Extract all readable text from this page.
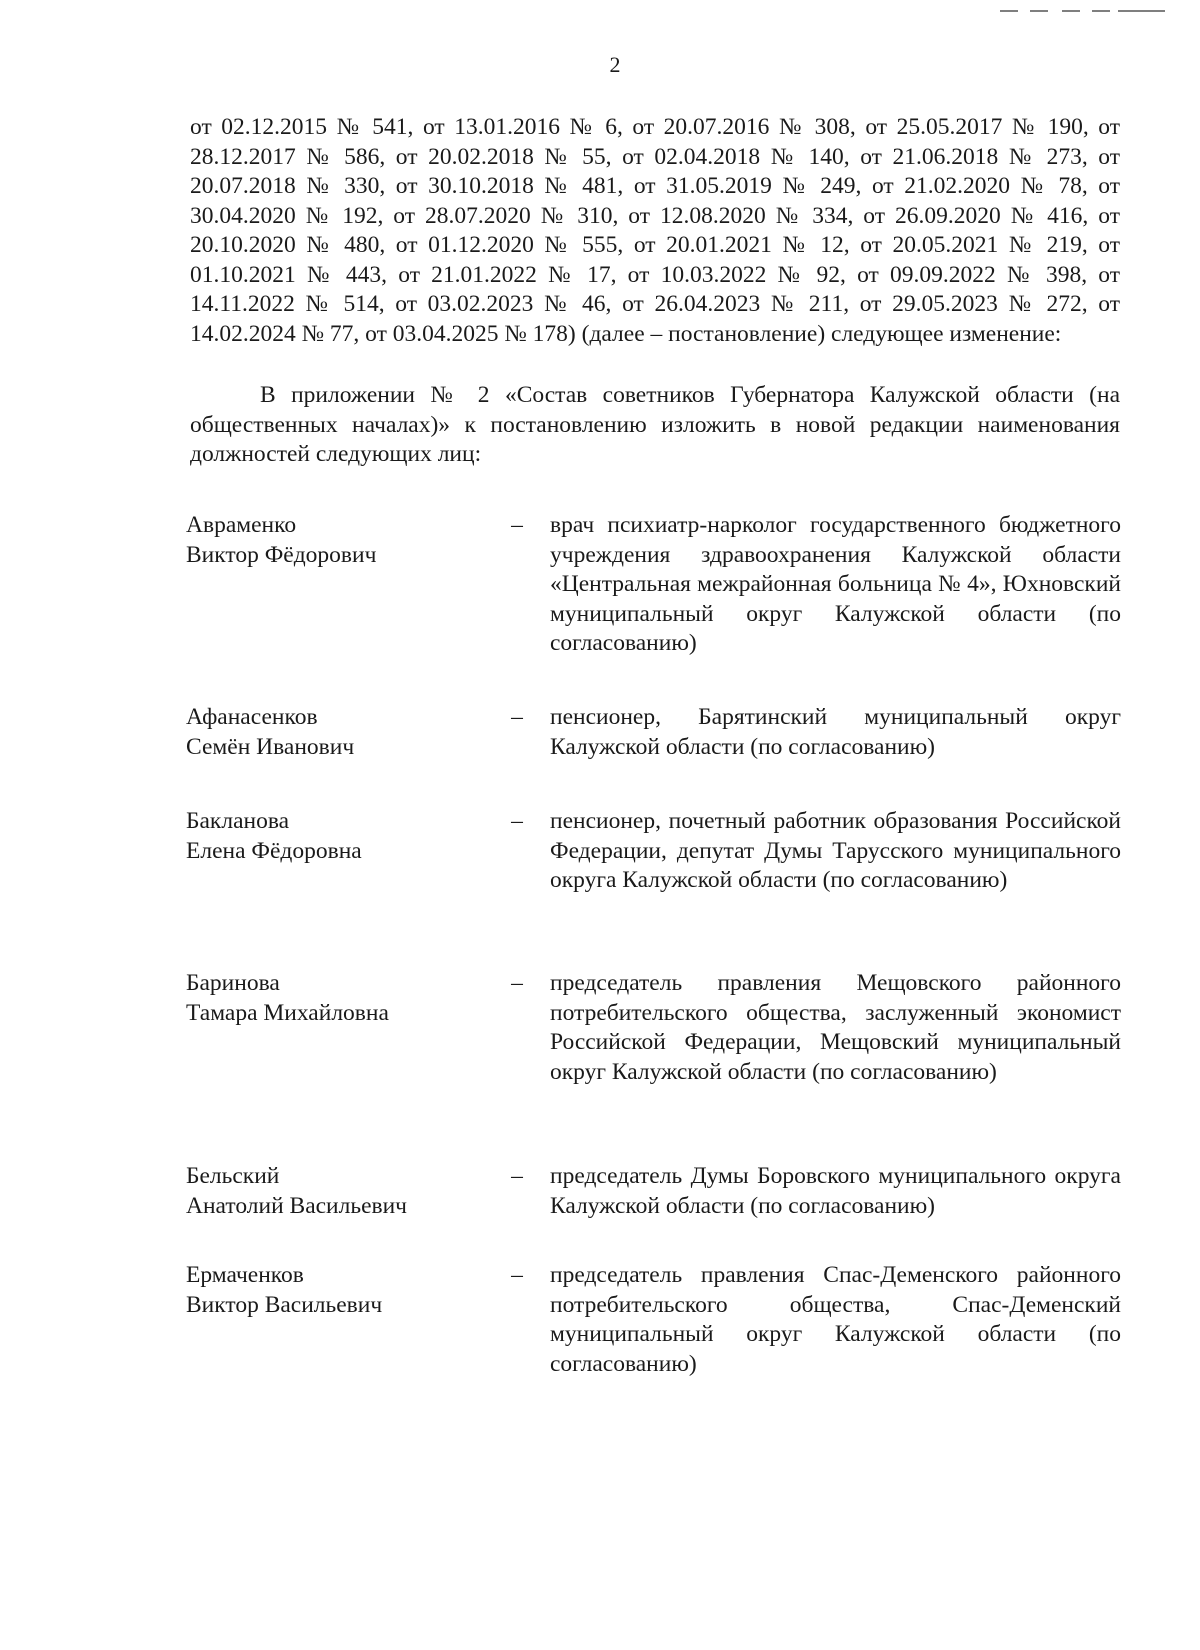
2
от 02.12.2015 № 541, от 13.01.2016 № 6, от 20.07.2016 № 308, от 25.05.2017 № 190, от 28.12.2017 № 586, от 20.02.2018 № 55, от 02.04.2018 № 140, от 21.06.2018 № 273, от 20.07.2018 № 330, от 30.10.2018 № 481, от 31.05.2019 № 249, от 21.02.2020 № 78, от 30.04.2020 № 192, от 28.07.2020 № 310, от 12.08.2020 № 334, от 26.09.2020 № 416, от 20.10.2020 № 480, от 01.12.2020 № 555, от 20.01.2021 № 12, от 20.05.2021 № 219, от 01.10.2021 № 443, от 21.01.2022 № 17, от 10.03.2022 № 92, от 09.09.2022 № 398, от 14.11.2022 № 514, от 03.02.2023 № 46, от 26.04.2023 № 211, от 29.05.2023 № 272, от 14.02.2024 № 77, от 03.04.2025 № 178) (далее – постановление) следующее изменение:
В приложении № 2 «Состав советников Губернатора Калужской области (на общественных началах)» к постановлению изложить в новой редакции наименования должностей следующих лиц:
Авраменко
Виктор Фёдорович
– врач психиатр-нарколог государственного бюджетного учреждения здравоохранения Калужской области «Центральная межрайонная больница № 4», Юхновский муниципальный округ Калужской области (по согласованию)
Афанасенков
Семён Иванович
– пенсионер, Барятинский муниципальный округ Калужской области (по согласованию)
Бакланова
Елена Фёдоровна
– пенсионер, почетный работник образования Российской Федерации, депутат Думы Тарусского муниципального округа Калужской области (по согласованию)
Баринова
Тамара Михайловна
– председатель правления Мещовского районного потребительского общества, заслуженный экономист Российской Федерации, Мещовский муниципальный округ Калужской области (по согласованию)
Бельский
Анатолий Васильевич
– председатель Думы Боровского муниципального округа Калужской области (по согласованию)
Ермаченков
Виктор Васильевич
– председатель правления Спас-Деменского районного потребительского общества, Спас-Деменский муниципальный округ Калужской области (по согласованию)
